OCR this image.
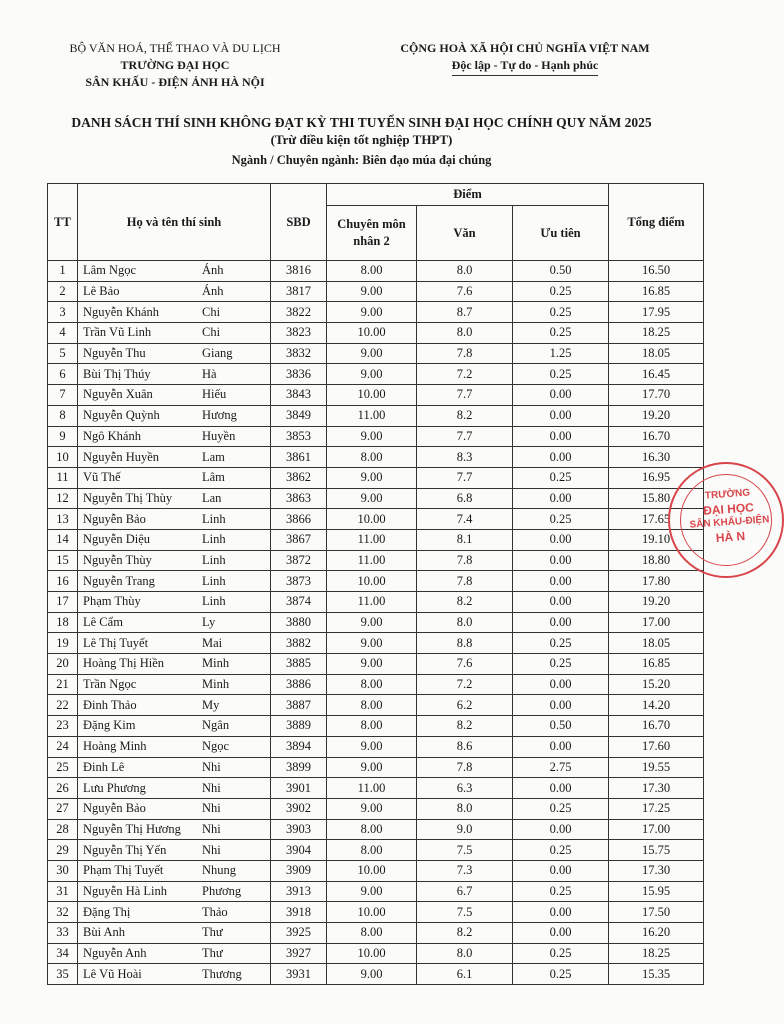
BỘ VĂN HOÁ, THỂ THAO VÀ DU LỊCH
TRƯỜNG ĐẠI HỌC
SÂN KHẤU - ĐIỆN ẢNH HÀ NỘI
CỘNG HOÀ XÃ HỘI CHỦ NGHĨA VIỆT NAM
Độc lập - Tự do - Hạnh phúc
DANH SÁCH THÍ SINH KHÔNG ĐẠT KỲ THI TUYỂN SINH ĐẠI HỌC CHÍNH QUY NĂM 2025
(Trừ điều kiện tốt nghiệp THPT)
Ngành / Chuyên ngành: Biên đạo múa đại chúng
TT	Họ và tên thí sinh		SBD	Điểm			Tổng điểm
				Chuyên môn nhân 2	Văn	Ưu tiên	
1	Lâm Ngọc	Ánh	3816	8.00	8.0	0.50	16.50
2	Lê Bảo	Ánh	3817	9.00	7.6	0.25	16.85
3	Nguyễn Khánh	Chi	3822	9.00	8.7	0.25	17.95
4	Trần Vũ Linh	Chi	3823	10.00	8.0	0.25	18.25
5	Nguyễn Thu	Giang	3832	9.00	7.8	1.25	18.05
6	Bùi Thị Thúy	Hà	3836	9.00	7.2	0.25	16.45
7	Nguyễn Xuân	Hiếu	3843	10.00	7.7	0.00	17.70
8	Nguyễn Quỳnh	Hương	3849	11.00	8.2	0.00	19.20
9	Ngô Khánh	Huyền	3853	9.00	7.7	0.00	16.70
10	Nguyễn Huyền	Lam	3861	8.00	8.3	0.00	16.30
11	Vũ Thế	Lâm	3862	9.00	7.7	0.25	16.95
12	Nguyễn Thị Thùy	Lan	3863	9.00	6.8	0.00	15.80
13	Nguyễn Bảo	Linh	3866	10.00	7.4	0.25	17.65
14	Nguyễn Diệu	Linh	3867	11.00	8.1	0.00	19.10
15	Nguyễn Thùy	Linh	3872	11.00	7.8	0.00	18.80
16	Nguyễn Trang	Linh	3873	10.00	7.8	0.00	17.80
17	Phạm Thùy	Linh	3874	11.00	8.2	0.00	19.20
18	Lê Cẩm	Ly	3880	9.00	8.0	0.00	17.00
19	Lê Thị Tuyết	Mai	3882	9.00	8.8	0.25	18.05
20	Hoàng Thị Hiền	Minh	3885	9.00	7.6	0.25	16.85
21	Trần Ngọc	Minh	3886	8.00	7.2	0.00	15.20
22	Đinh Thảo	My	3887	8.00	6.2	0.00	14.20
23	Đặng Kim	Ngân	3889	8.00	8.2	0.50	16.70
24	Hoàng Minh	Ngọc	3894	9.00	8.6	0.00	17.60
25	Đinh Lê	Nhi	3899	9.00	7.8	2.75	19.55
26	Lưu Phương	Nhi	3901	11.00	6.3	0.00	17.30
27	Nguyễn Bảo	Nhi	3902	9.00	8.0	0.25	17.25
28	Nguyễn Thị Hương	Nhi	3903	8.00	9.0	0.00	17.00
29	Nguyễn Thị Yến	Nhi	3904	8.00	7.5	0.25	15.75
30	Phạm Thị Tuyết	Nhung	3909	10.00	7.3	0.00	17.30
31	Nguyễn Hà Linh	Phương	3913	9.00	6.7	0.25	15.95
32	Đặng Thị	Thảo	3918	10.00	7.5	0.00	17.50
33	Bùi Anh	Thư	3925	8.00	8.2	0.00	16.20
34	Nguyễn Anh	Thư	3927	10.00	8.0	0.25	18.25
35	Lê Vũ Hoài	Thương	3931	9.00	6.1	0.25	15.35
TRƯỜNG
ĐẠI HỌC
SÂN KHẤU-ĐIỆN
HÀ N
